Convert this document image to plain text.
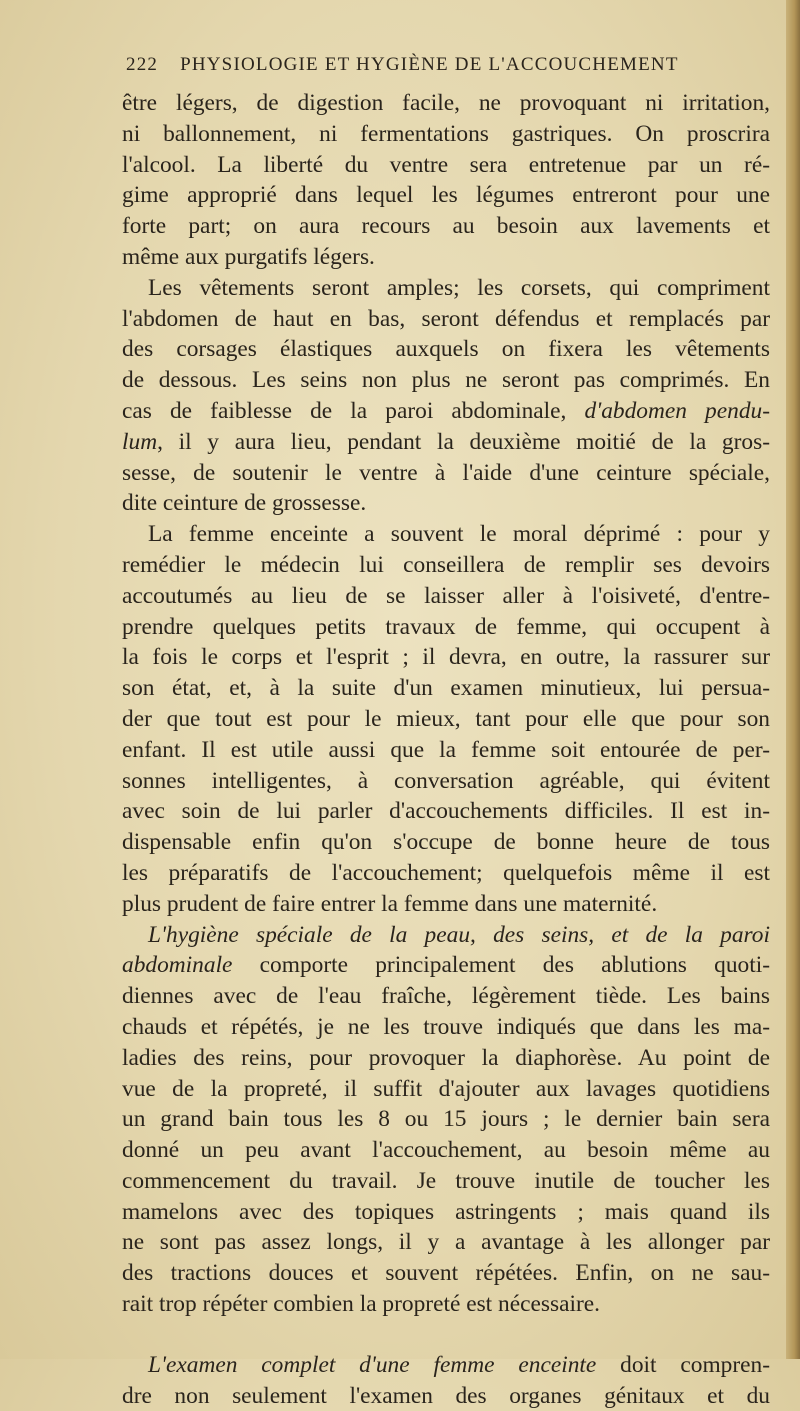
222 PHYSIOLOGIE ET HYGIÈNE DE L'ACCOUCHEMENT
être légers, de digestion facile, ne provoquant ni irritation,
ni ballonnement, ni fermentations gastriques. On proscrira
l'alcool. La liberté du ventre sera entretenue par un ré-
gime approprié dans lequel les légumes entreront pour une
forte part; on aura recours au besoin aux lavements et
même aux purgatifs légers.
Les vêtements seront amples; les corsets, qui compriment
l'abdomen de haut en bas, seront défendus et remplacés par
des corsages élastiques auxquels on fixera les vêtements
de dessous. Les seins non plus ne seront pas comprimés. En
cas de faiblesse de la paroi abdominale, d'abdomen pendu-
lum, il y aura lieu, pendant la deuxième moitié de la gros-
sesse, de soutenir le ventre à l'aide d'une ceinture spéciale,
dite ceinture de grossesse.
La femme enceinte a souvent le moral déprimé : pour y
remédier le médecin lui conseillera de remplir ses devoirs
accoutumés au lieu de se laisser aller à l'oisiveté, d'entre-
prendre quelques petits travaux de femme, qui occupent à
la fois le corps et l'esprit ; il devra, en outre, la rassurer sur
son état, et, à la suite d'un examen minutieux, lui persua-
der que tout est pour le mieux, tant pour elle que pour son
enfant. Il est utile aussi que la femme soit entourée de per-
sonnes intelligentes, à conversation agréable, qui évitent
avec soin de lui parler d'accouchements difficiles. Il est in-
dispensable enfin qu'on s'occupe de bonne heure de tous
les préparatifs de l'accouchement; quelquefois même il est
plus prudent de faire entrer la femme dans une maternité.
L'hygiène spéciale de la peau, des seins, et de la paroi
abdominale comporte principalement des ablutions quoti-
diennes avec de l'eau fraîche, légèrement tiède. Les bains
chauds et répétés, je ne les trouve indiqués que dans les ma-
ladies des reins, pour provoquer la diaphorèse. Au point de
vue de la propreté, il suffit d'ajouter aux lavages quotidiens
un grand bain tous les 8 ou 15 jours ; le dernier bain sera
donné un peu avant l'accouchement, au besoin même au
commencement du travail. Je trouve inutile de toucher les
mamelons avec des topiques astringents ; mais quand ils
ne sont pas assez longs, il y a avantage à les allonger par
des tractions douces et souvent répétées. Enfin, on ne sau-
rait trop répéter combien la propreté est nécessaire.
L'examen complet d'une femme enceinte doit compren-
dre non seulement l'examen des organes génitaux et du
